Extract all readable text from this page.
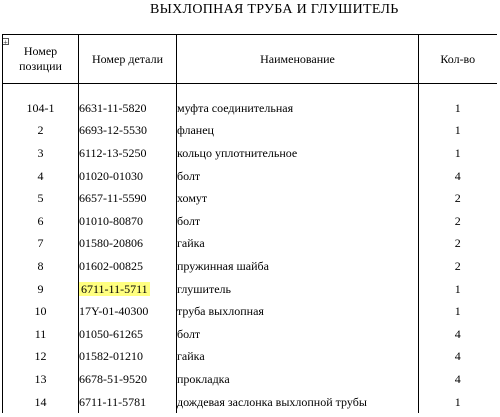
ВЫХЛОПНАЯ ТРУБА И ГЛУШИТЕЛЬ
+
Номер
позиции	Номер детали	Наименование	Кол-во

104-1	6631-11-5820	муфта соединительная	1
2	6693-12-5530	фланец	1
3	6112-13-5250	кольцо уплотнительное	1
4	01020-01030	болт	4
5	6657-11-5590	хомут	2
6	01010-80870	болт	2
7	01580-20806	гайка	2
8	01602-00825	пружинная шайба	2
9	6711-11-5711	глушитель	1
10	17Y-01-40300	труба выхлопная	1
11	01050-61265	болт	4
12	01582-01210	гайка	4
13	6678-51-9520	прокладка	4
14	6711-11-5781	дождевая заслонка выхлопной трубы	1
